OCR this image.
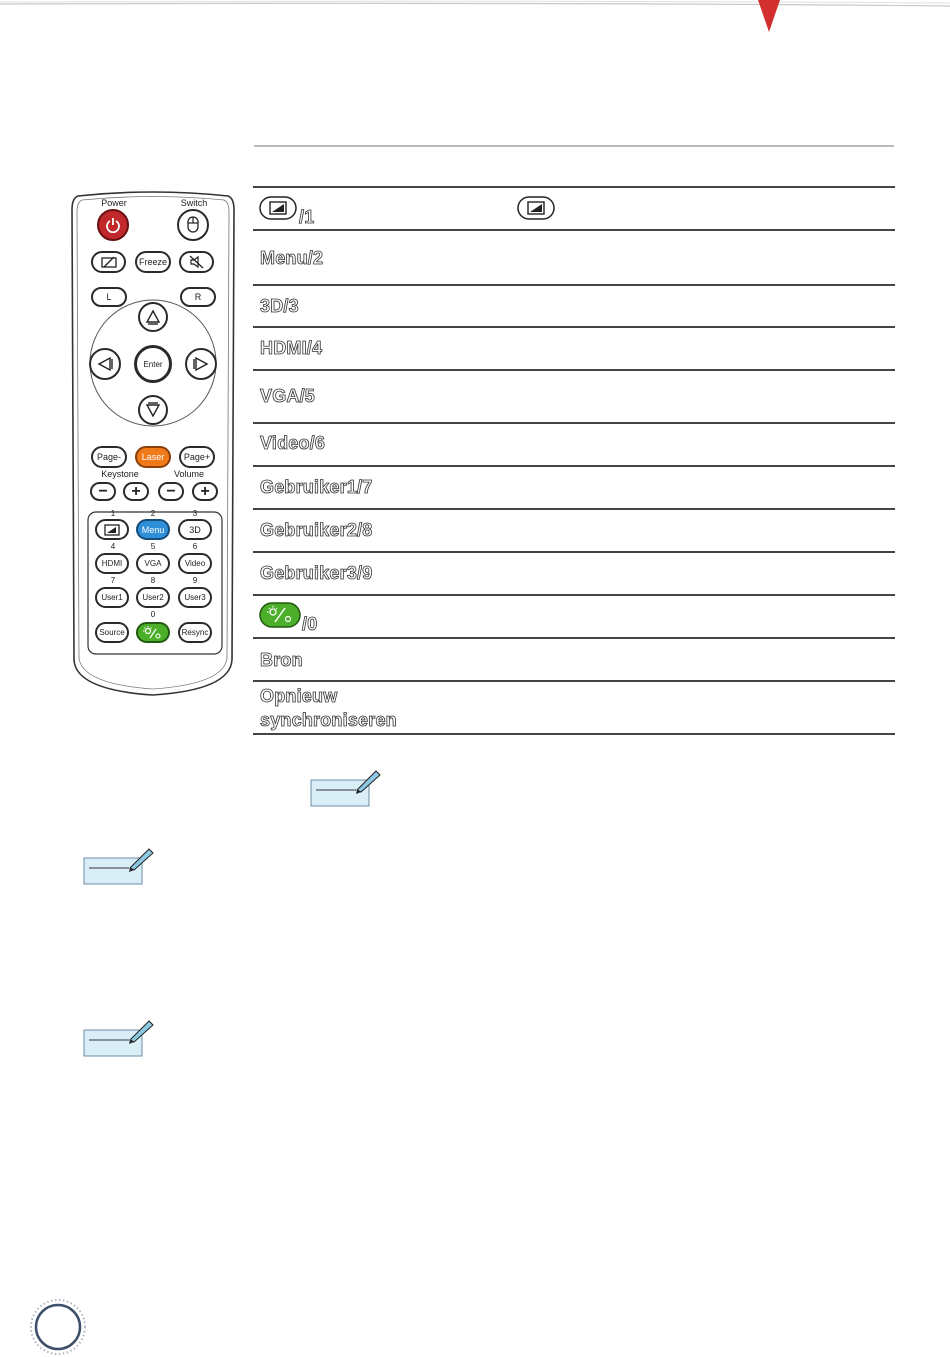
Power	Switch
Freeze
L	R
Enter
Page-	Laser	Page+
Keystone	Volume
−	+	−	+
1	2	3
4	5	6
7	8	9
0
Menu	3D
HDMI	VGA	Video
User1	User2	User3
Source	Resync
/1
Menu/2
3D/3
HDMI/4
VGA/5
Video/6
Gebruiker1/7
Gebruiker2/8
Gebruiker3/9
/0
Bron
Opnieuw synchroniseren
